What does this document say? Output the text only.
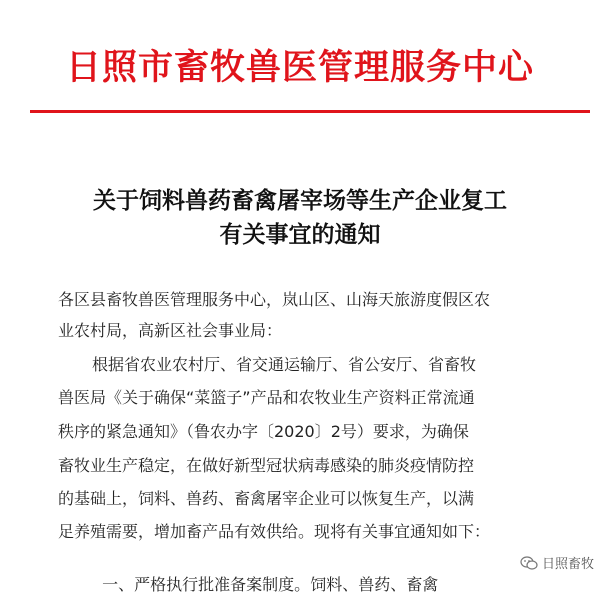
日照市畜牧兽医管理服务中心
关于饲料兽药畜禽屠宰场等生产企业复工
有关事宜的通知
各区县畜牧兽医管理服务中心，岚山区、山海天旅游度假区农
业农村局，高新区社会事业局：
根据省农业农村厅、省交通运输厅、省公安厅、省畜牧
兽医局《关于确保“菜篮子”产品和农牧业生产资料正常流通
秩序的紧急通知》（鲁农办字〔2020〕2号）要求，为确保
畜牧业生产稳定，在做好新型冠状病毒感染的肺炎疫情防控
的基础上，饲料、兽药、畜禽屠宰企业可以恢复生产，以满
足养殖需要，增加畜产品有效供给。现将有关事宜通知如下：

一、严格执行批准备案制度。饲料、兽药、畜禽

日照畜牧
